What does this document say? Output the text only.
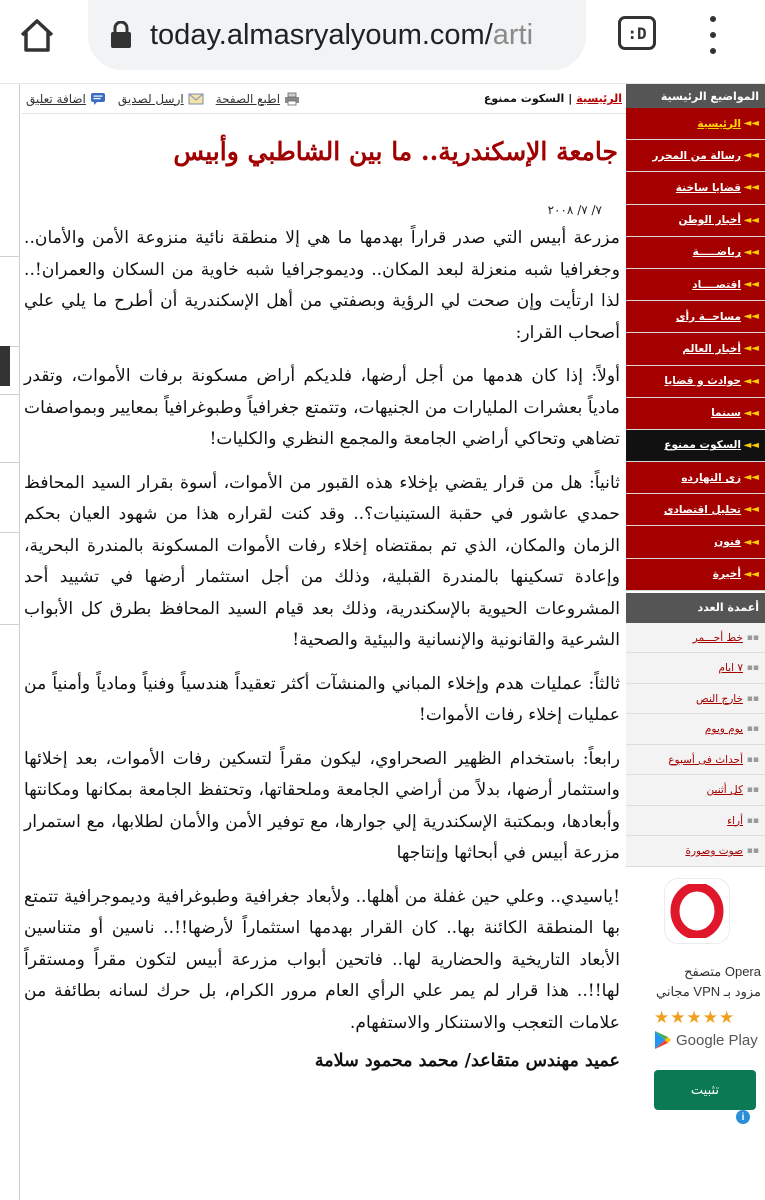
today.almasryalyoum.com/arti	:D
الرئيسية
|
السكوت ممنوع
اطبع الصفحة
ارسل لصديق
اضافة تعليق
جامعة الإسكندرية.. ما بين الشاطبي وأبيس
٧/ ٧/ ٢٠٠٨

مزرعة أبيس التي صدر قراراً بهدمها ما هي إلا منطقة نائية منزوعة الأمن والأمان.. وجغرافيا شبه منعزلة لبعد المكان.. وديموجرافيا شبه خاوية من السكان والعمران!.. لذا ارتأيت وإن صحت لي الرؤية وبصفتي من أهل الإسكندرية أن أطرح ما يلي علي أصحاب القرار:

أولاً: إذا كان هدمها من أجل أرضها، فلديكم أراض مسكونة برفات الأموات، وتقدر مادياً بعشرات المليارات من الجنيهات، وتتمتع جغرافياً وطبوغرافياً بمعايير وبمواصفات تضاهي وتحاكي أراضي الجامعة والمجمع النظري والكليات!

ثانياً: هل من قرار يقضي بإخلاء هذه القبور من الأموات، أسوة بقرار السيد المحافظ حمدي عاشور في حقبة الستينيات؟.. وقد كنت لقراره هذا من شهود العيان بحكم الزمان والمكان، الذي تم بمقتضاه إخلاء رفات الأموات المسكونة بالمندرة البحرية، وإعادة تسكينها بالمندرة القبلية، وذلك من أجل استثمار أرضها في تشييد أحد المشروعات الحيوية بالإسكندرية، وذلك بعد قيام السيد المحافظ بطرق كل الأبواب الشرعية والقانونية والإنسانية والبيئية والصحية!

ثالثاً: عمليات هدم وإخلاء المباني والمنشآت أكثر تعقيداً هندسياً وفنياً ومادياً وأمنياً من عمليات إخلاء رفات الأموات!

رابعاً: باستخدام الظهير الصحراوي، ليكون مقراً لتسكين رفات الأموات، بعد إخلائها واستثمار أرضها، بدلاً من أراضي الجامعة وملحقاتها، وتحتفظ الجامعة بمكانها ومكانتها وأبعادها، وبمكتبة الإسكندرية إلي جوارها، مع توفير الأمن والأمان لطلابها، مع استمرار مزرعة أبيس في أبحاثها وإنتاجها

!ياسيدي.. وعلي حين غفلة من أهلها.. ولأبعاد جغرافية وطبوغرافية وديموجرافية تتمتع بها المنطقة الكائنة بها.. كان القرار بهدمها استثماراً لأرضها!!.. ناسين أو متناسين الأبعاد التاريخية والحضارية لها.. فاتحين أبواب مزرعة أبيس لتكون مقراً ومستقراً لها!!.. هذا قرار لم يمر علي الرأي العام مرور الكرام، بل حرك لسانه بطائفة من علامات التعجب والاستنكار والاستفهام.

عميد مهندس متقاعد/ محمد محمود سلامة

المواضيع الرئيسية
◄◄
الرئيسية
◄◄
رسالة من المحرر
◄◄
قضايا ساخنة
◄◄
أخبار الوطن
◄◄
رياضـــــة
◄◄
اقتصــــاد
◄◄
مساحــة رأى
◄◄
أخبار العالم
◄◄
حوادث و قضايا
◄◄
سينما
◄◄
السكوت ممنوع
◄◄
زى النهارده
◄◄
تحليل اقتصادى
◄◄
فنون
◄◄
أخيرة
أعمدة العدد
▪▪
خط أحـــمر
▪▪
٧ ايام
▪▪
خارج النص
▪▪
يوم ويوم
▪▪
أحداث فى أسبوع
▪▪
كل أثنين
▪▪
أراء
▪▪
صوت وصورة
Opera متصفح
مزود بـ VPN مجاني
★★★★★
Google Play
تثبيت
i
